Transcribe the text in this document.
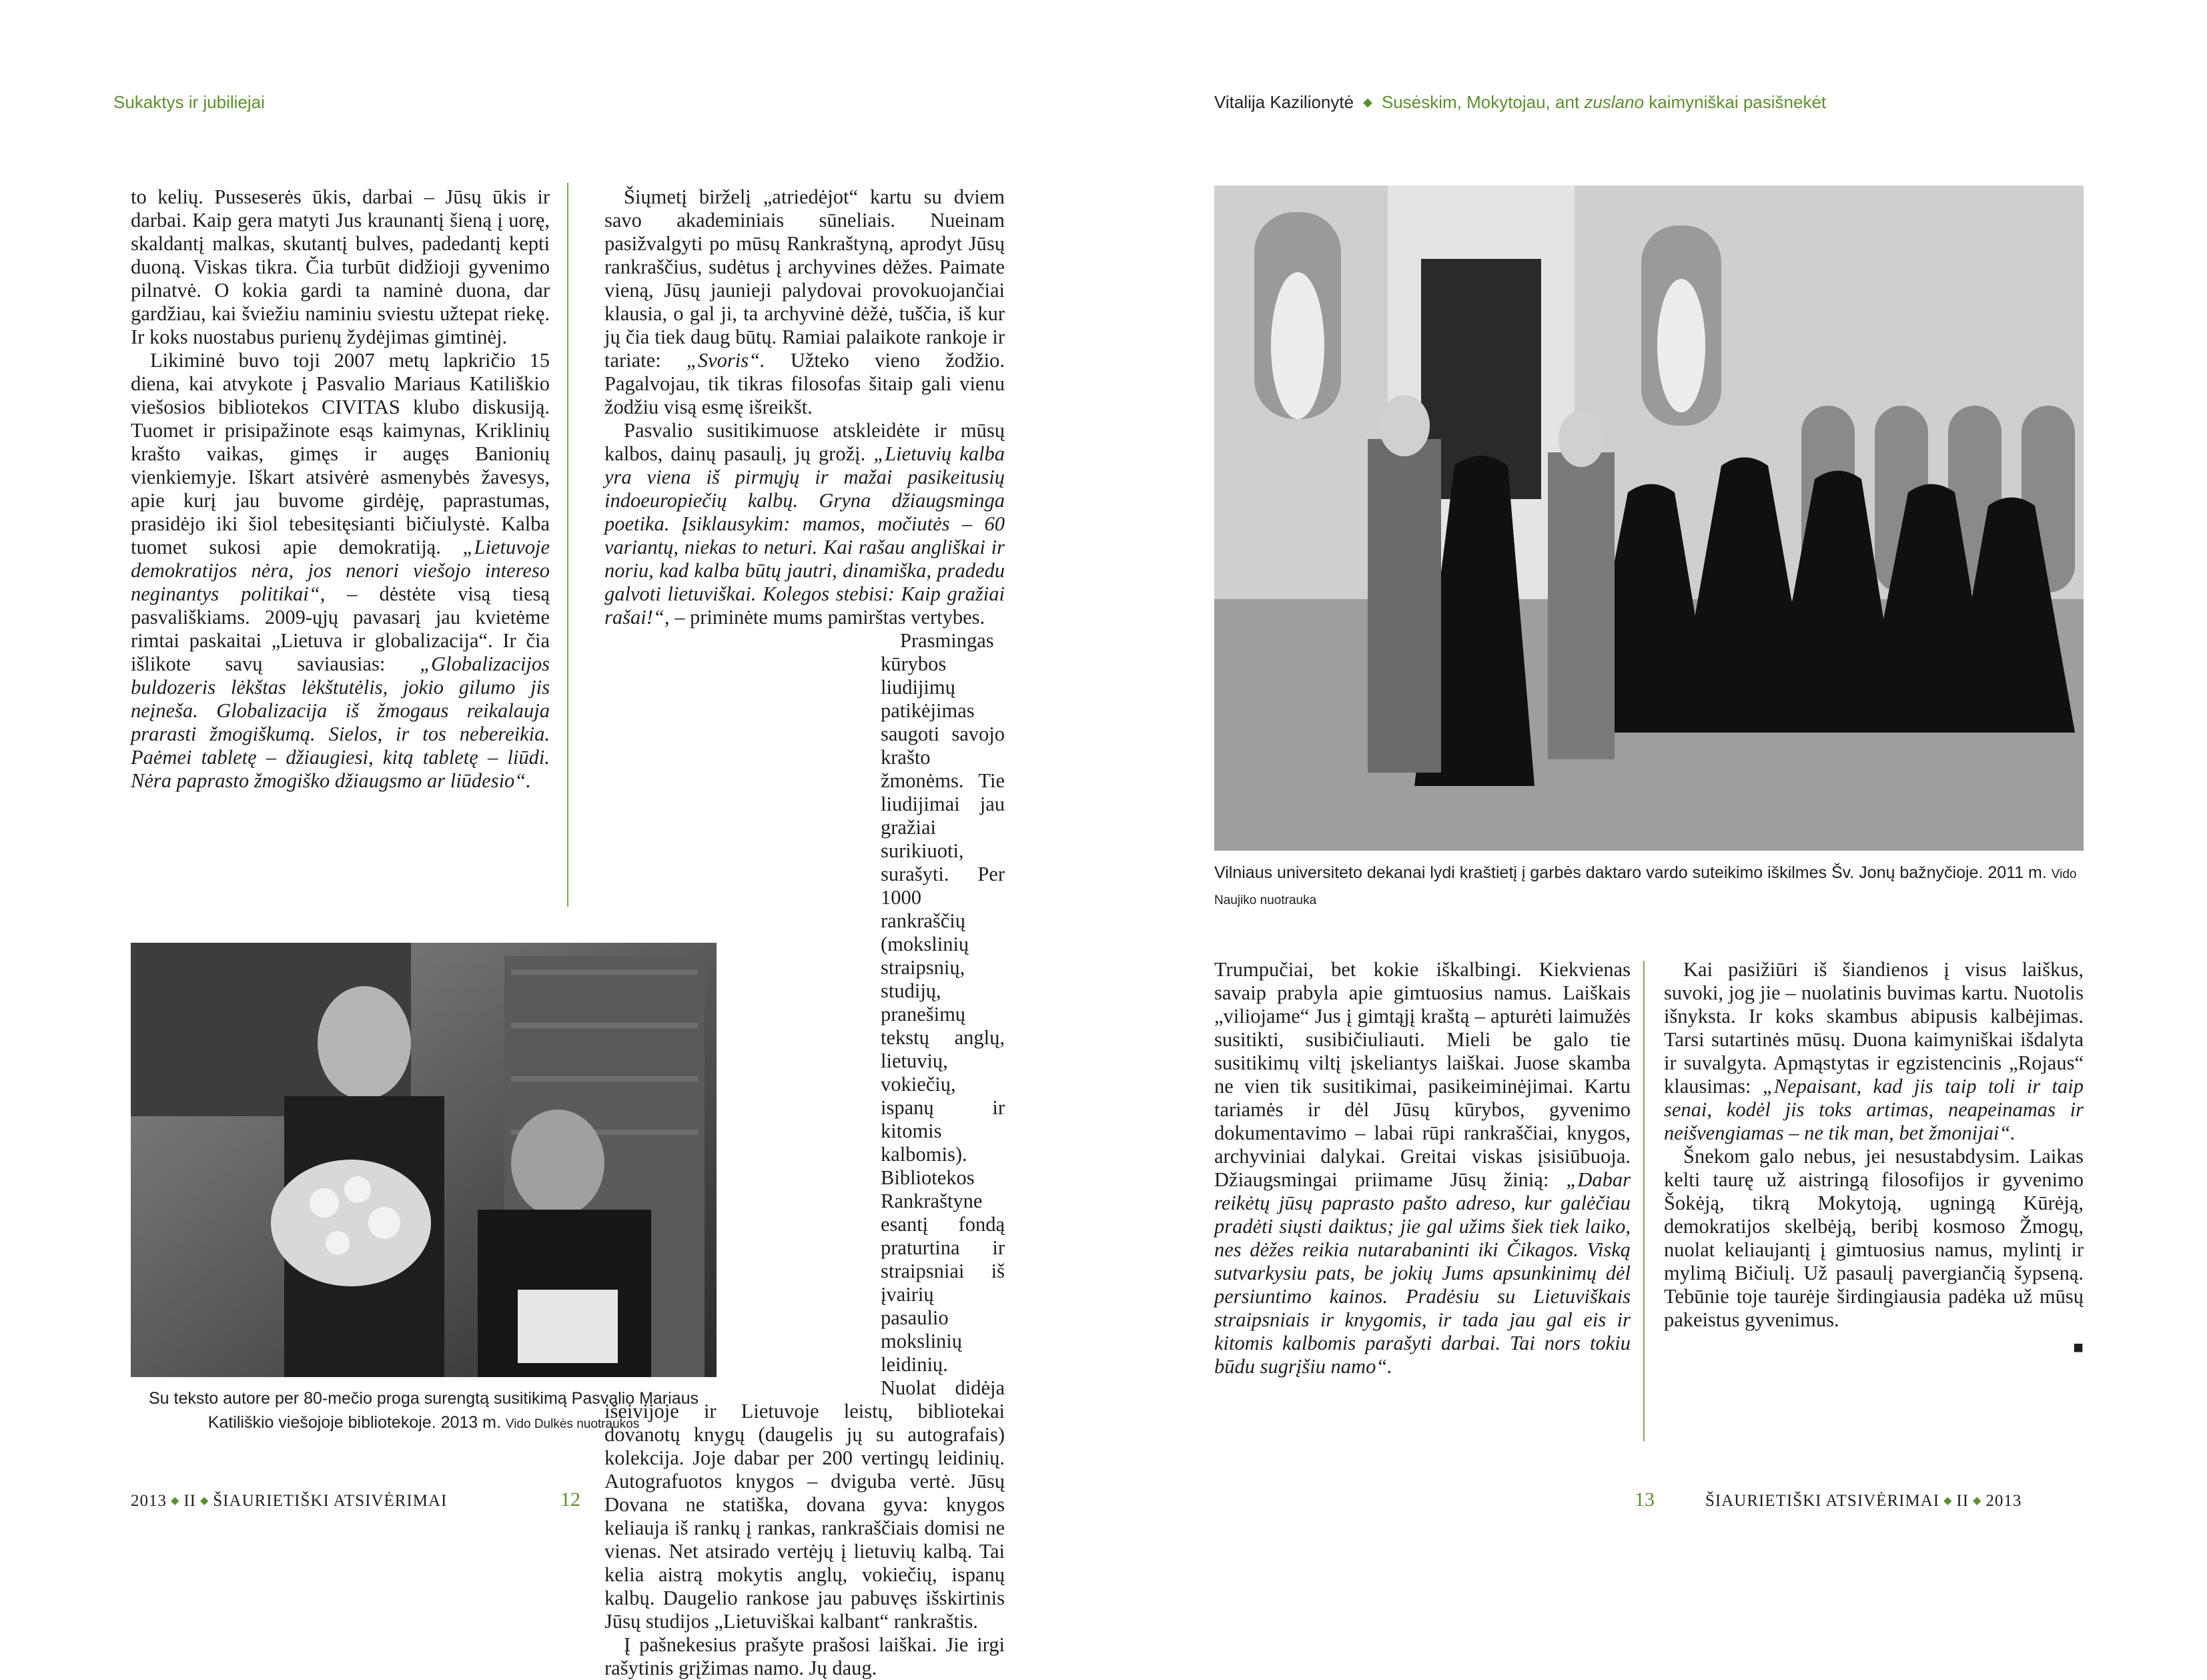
Sukaktys ir jubiliejai

to kelių. Pusseserės ūkis, darbai – Jūsų ūkis ir darbai. Kaip gera matyti Jus kraunantį šieną į uorę, skaldantį malkas, skutantį bulves, padedantį kepti duoną. Viskas tikra. Čia turbūt didžioji gyvenimo pilnatvė. O kokia gardi ta naminė duona, dar gardžiau, kai šviežiu naminiu sviestu užtepat riekę. Ir koks nuostabus purienų žydėjimas gimtinėj.

Likiminė buvo toji 2007 metų lapkričio 15 diena, kai atvykote į Pasvalio Mariaus Katiliškio viešosios bibliotekos CIVITAS klubo diskusiją. Tuomet ir prisipažinote esąs kaimynas, Kriklinių krašto vaikas, gimęs ir augęs Banionių vienkiemyje. Iškart atsivėrė asmenybės žavesys, apie kurį jau buvome girdėję, paprastumas, prasidėjo iki šiol tebesitęsianti bičiulystė. Kalba tuomet sukosi apie demokratiją. „Lietuvoje demokratijos nėra, jos nenori viešojo intereso neginantys politikai“, – dėstėte visą tiesą pasvališkiams. 2009-ųjų pavasarį jau kvietėme rimtai paskaitai „Lietuva ir globalizacija“. Ir čia išlikote savų saviausias: „Globalizacijos buldozeris lėkštas lėkštutėlis, jokio gilumo jis neįneša. Globalizacija iš žmogaus reikalauja prarasti žmogiškumą. Sielos, ir tos nebereikia. Paėmei tabletę – džiaugiesi, kitą tabletę – liūdi. Nėra paprasto žmogiško džiaugsmo ar liūdesio“.

Šiųmetį birželį „atriedėjot“ kartu su dviem savo akademiniais sūneliais. Nueinam pasižvalgyti po mūsų Rankraštyną, aprodyt Jūsų rankraščius, sudėtus į archyvines dėžes. Paimate vieną, Jūsų jaunieji palydovai provokuojančiai klausia, o gal ji, ta archyvinė dėžė, tuščia, iš kur jų čia tiek daug būtų. Ramiai palaikote rankoje ir tariate: „Svoris“. Užteko vieno žodžio. Pagalvojau, tik tikras filosofas šitaip gali vienu žodžiu visą esmę išreikšt.

Pasvalio susitikimuose atskleidėte ir mūsų kalbos, dainų pasaulį, jų grožį. „Lietuvių kalba yra viena iš pirmųjų ir mažai pasikeitusių indoeuropiečių kalbų. Gryna džiaugsminga poetika. Įsiklausykim: mamos, močiutės – 60 variantų, niekas to neturi. Kai rašau angliškai ir noriu, kad kalba būtų jautri, dinamiška, pradedu galvoti lietuviškai. Kolegos stebisi: Kaip gražiai rašai!“, – priminėte mums pamirštas vertybes.

Prasmingas kūrybos liudijimų patikėjimas saugoti savojo krašto žmonėms. Tie liudijimai jau gražiai surikiuoti, surašyti. Per 1000 rankraščių (mokslinių straipsnių, studijų, pranešimų tekstų anglų, lietuvių, vokiečių, ispanų ir kitomis kalbomis). Bibliotekos Rankraštyne esantį fondą praturtina ir straipsniai iš įvairių pasaulio mokslinių leidinių. Nuolat didėja išeivijoje ir Lietuvoje leistų, bibliotekai dovanotų knygų (daugelis jų su autografais) kolekcija. Joje dabar per 200 vertingų leidinių. Autografuotos knygos – dviguba vertė. Jūsų Dovana ne statiška, dovana gyva: knygos keliauja iš rankų į rankas, rankraščiais domisi ne vienas. Net atsirado vertėjų į lietuvių kalbą. Tai kelia aistrą mokytis anglų, vokiečių, ispanų kalbų. Daugelio rankose jau pabuvęs išskirtinis Jūsų studijos „Lietuviškai kalbant“ rankraštis.

Į pašnekesius prašyte prašosi laiškai. Jie irgi rašytinis grįžimas namo. Jų daug.

Su teksto autore per 80-mečio proga surengtą susitikimą Pasvalio Mariaus Katiliškio viešojoje bibliotekoje. 2013 m. Vido Dulkės nuotraukos
2013 ◆ II ◆ ŠIAURIETIŠKI ATSIVĖRIMAI	12
Vitalija Kazilionytė ◆ Susėskim, Mokytojau, ant zuslano kaimyniškai pasišnekėt
Vilniaus universiteto dekanai lydi kraštietį į garbės daktaro vardo suteikimo iškilmes Šv. Jonų bažnyčioje. 2011 m. Vido Naujiko nuotrauka

Trumpučiai, bet kokie iškalbingi. Kiekvienas savaip prabyla apie gimtuosius namus. Laiškais „viliojame“ Jus į gimtąjį kraštą – apturėti laimužės susitikti, susibičiuliauti. Mieli be galo tie susitikimų viltį įskeliantys laiškai. Juose skamba ne vien tik susitikimai, pasikeiminėjimai. Kartu tariamės ir dėl Jūsų kūrybos, gyvenimo dokumentavimo – labai rūpi rankraščiai, knygos, archyviniai dalykai. Greitai viskas įsisiūbuoja. Džiaugsmingai priimame Jūsų žinią: „Dabar reikėtų jūsų paprasto pašto adreso, kur galėčiau pradėti siųsti daiktus; jie gal užims šiek tiek laiko, nes dėžes reikia nutarabaninti iki Čikagos. Viską sutvarkysiu pats, be jokių Jums apsunkinimų dėl persiuntimo kainos. Pradėsiu su Lietuviškais straipsniais ir knygomis, ir tada jau gal eis ir kitomis kalbomis parašyti darbai. Tai nors tokiu būdu sugrįšiu namo“.

Kai pasižiūri iš šiandienos į visus laiškus, suvoki, jog jie – nuolatinis buvimas kartu. Nuotolis išnyksta. Ir koks skambus abipusis kalbėjimas. Tarsi sutartinės mūsų. Duona kaimyniškai išdalyta ir suvalgyta. Apmąstytas ir egzistencinis „Rojaus“ klausimas: „Nepaisant, kad jis taip toli ir taip senai, kodėl jis toks artimas, neapeinamas ir neišvengiamas – ne tik man, bet žmonijai“.

Šnekom galo nebus, jei nesustabdysim. Laikas kelti taurę už aistringą filosofijos ir gyvenimo Šokėją, tikrą Mokytoją, ugningą Kūrėją, demokratijos skelbėją, beribį kosmoso Žmogų, nuolat keliaujantį į gimtuosius namus, mylintį ir mylimą Bičiulį. Už pasaulį pavergiančią šypseną. Tebūnie toje taurėje širdingiausia padėka už mūsų pakeistus gyvenimus.

■
13	ŠIAURIETIŠKI ATSIVĖRIMAI ◆ II ◆ 2013
